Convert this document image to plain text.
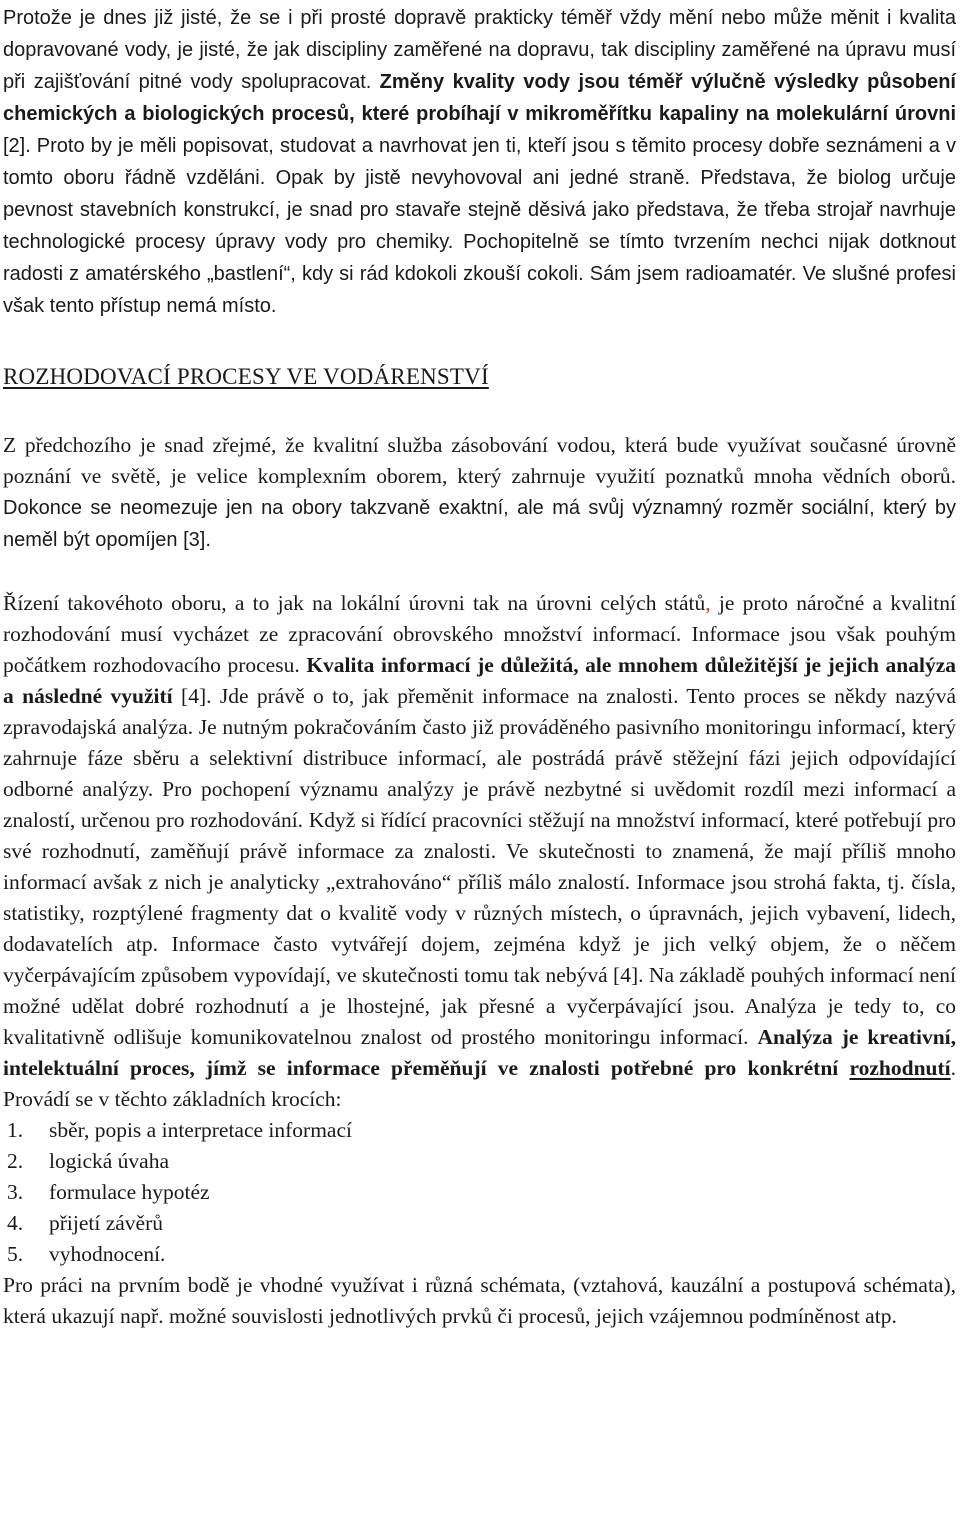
Protože je dnes již jisté, že se i při prosté dopravě prakticky téměř vždy mění nebo může měnit i kvalita dopravované vody, je jisté, že jak discipliny zaměřené na dopravu, tak discipliny zaměřené na úpravu musí při zajišťování pitné vody spolupracovat. Změny kvality vody jsou téměř výlučně výsledky působení chemických a biologických procesů, které probíhají v mikroměřítku kapaliny na molekulární úrovni [2]. Proto by je měli popisovat, studovat a navrhovat jen ti, kteří jsou s těmito procesy dobře seznámeni a v tomto oboru řádně vzděláni. Opak by jistě nevyhovoval ani jedné straně. Představa, že biolog určuje pevnost stavebních konstrukcí, je snad pro stavaře stejně děsivá jako představa, že třeba strojař navrhuje technologické procesy úpravy vody pro chemiky. Pochopitelně se tímto tvrzením nechci nijak dotknout radosti z amatérského „bastlení“, kdy si rád kdokoli zkouší cokoli. Sám jsem radioamatér. Ve slušné profesi však tento přístup nemá místo.

ROZHODOVACÍ PROCESY VE VODÁRENSTVÍ

Z předchozího je snad zřejmé, že kvalitní služba zásobování vodou, která bude využívat současné úrovně poznání ve světě, je velice komplexním oborem, který zahrnuje využití poznatků mnoha vědních oborů. Dokonce se neomezuje jen na obory takzvaně exaktní, ale má svůj významný rozměr sociální, který by neměl být opomíjen [3].

Řízení takovéhoto oboru, a to jak na lokální úrovni tak na úrovni celých států, je proto náročné a kvalitní rozhodování musí vycházet ze zpracování obrovského množství informací. Informace jsou však pouhým počátkem rozhodovacího procesu. Kvalita informací je důležitá, ale mnohem důležitější je jejich analýza a následné využití [4]. Jde právě o to, jak přeměnit informace na znalosti. Tento proces se někdy nazývá zpravodajská analýza. Je nutným pokračováním často již prováděného pasivního monitoringu informací, který zahrnuje fáze sběru a selektivní distribuce informací, ale postrádá právě stěžejní fázi jejich odpovídající odborné analýzy. Pro pochopení významu analýzy je právě nezbytné si uvědomit rozdíl mezi informací a znalostí, určenou pro rozhodování. Když si řídící pracovníci stěžují na množství informací, které potřebují pro své rozhodnutí, zaměňují právě informace za znalosti. Ve skutečnosti to znamená, že mají příliš mnoho informací avšak z nich je analyticky „extrahováno“ příliš málo znalostí. Informace jsou strohá fakta, tj. čísla, statistiky, rozptýlené fragmenty dat o kvalitě vody v různých místech, o úpravnách, jejich vybavení, lidech, dodavatelích atp. Informace často vytvářejí dojem, zejména když je jich velký objem, že o něčem vyčerpávajícím způsobem vypovídají, ve skutečnosti tomu tak nebývá [4]. Na základě pouhých informací není možné udělat dobré rozhodnutí a je lhostejné, jak přesné a vyčerpávající jsou. Analýza je tedy to, co kvalitativně odlišuje komunikovatelnou znalost od prostého monitoringu informací. Analýza je kreativní, intelektuální proces, jímž se informace přeměňují ve znalosti potřebné pro konkrétní rozhodnutí. Provádí se v těchto základních krocích:

1.	sběr, popis a interpretace informací
2.	logická úvaha
3.	formulace hypotéz
4.	přijetí závěrů
5.	vyhodnocení.

Pro práci na prvním bodě je vhodné využívat i různá schémata, (vztahová, kauzální a postupová schémata), která ukazují např. možné souvislosti jednotlivých prvků či procesů, jejich vzájemnou podmíněnost atp.
